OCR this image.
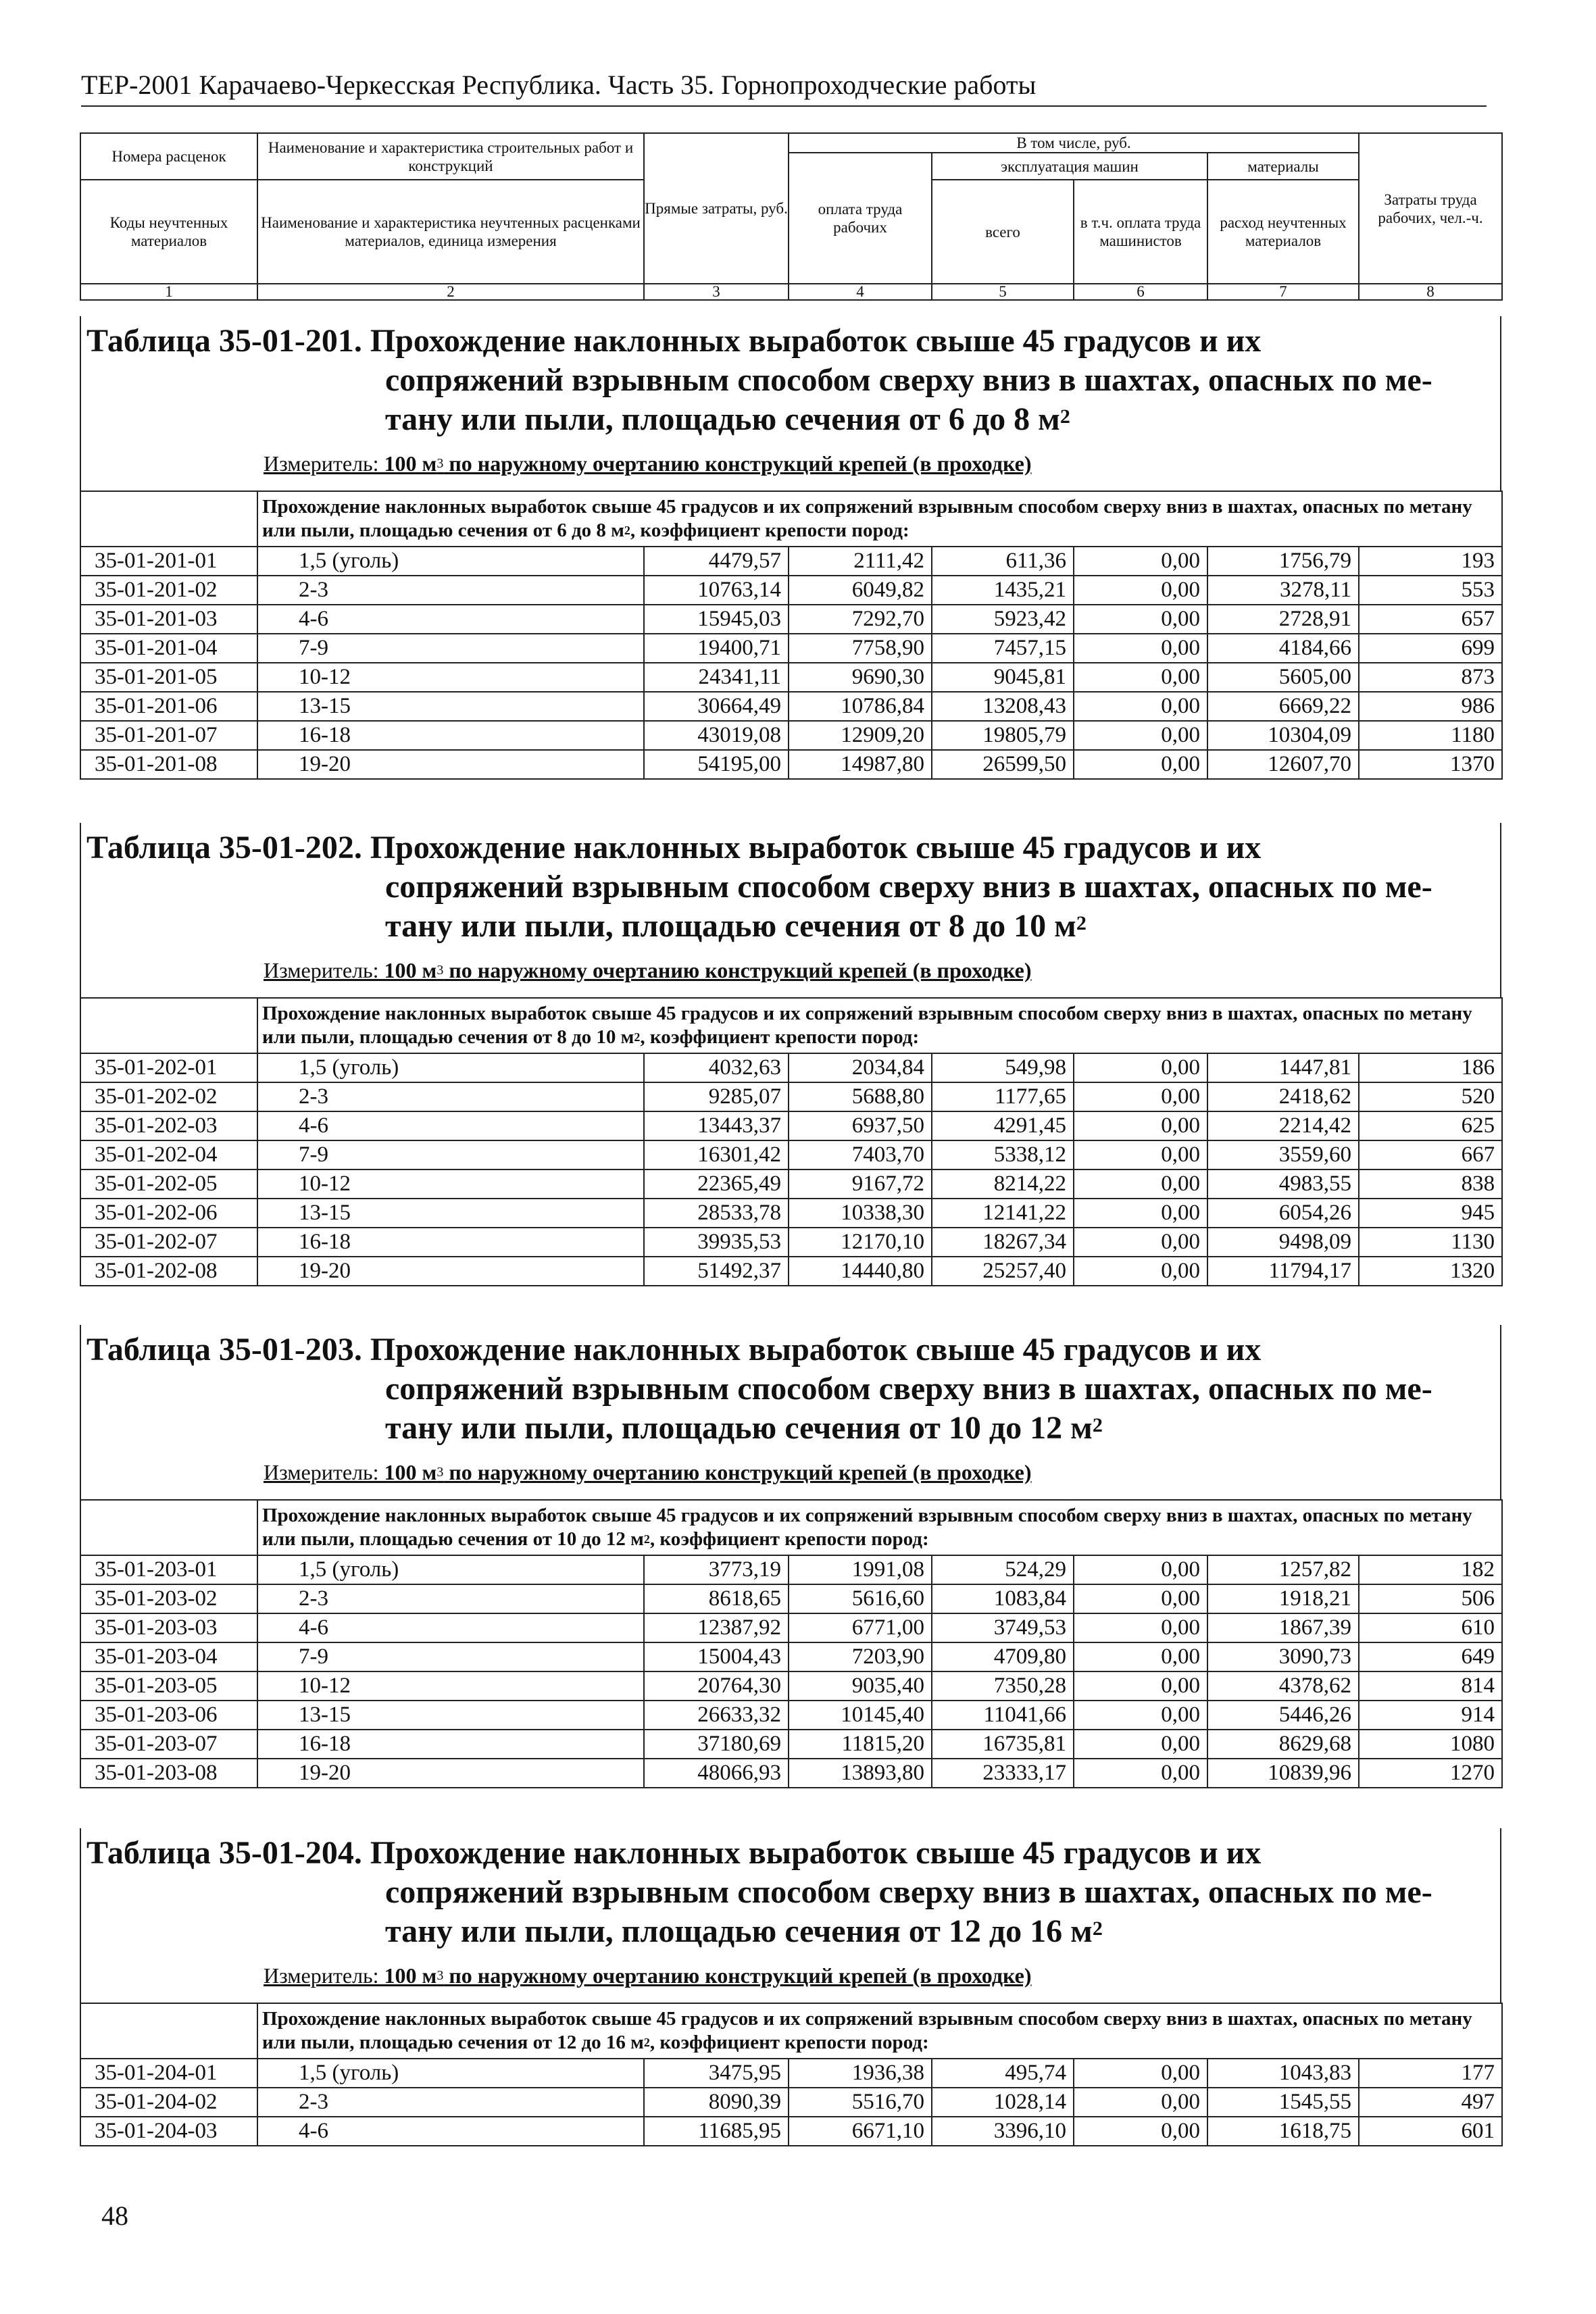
ТЕР-2001 Карачаево-Черкесская Республика. Часть 35. Горнопроходческие работы
Номера расценок	Наименование и характеристика строительных работ и конструкций	Прямые затраты, руб.	В том числе, руб.				Затраты труда рабочих, чел.-ч.
			оплата труда рабочих	эксплуатация машин		материалы	
Коды неучтенных материалов	Наименование и характеристика неучтенных расценками материалов, единица измерения			всего	в т.ч. оплата труда машинистов	расход неучтенных материалов	

1	2	3	4	5	6	7	8
Таблица 35-01-201. Прохождение наклонных выработок свыше 45 градусов и их
сопряжений взрывным способом сверху вниз в шахтах, опасных по ме-
тану или пыли, площадью сечения от 6 до 8 $м^2$
Измеритель: 100 $м^3$ по наружному очертанию конструкций крепей (в проходке)
	Прохождение наклонных выработок свыше 45 градусов и их сопряжений взрывным способом сверху вниз в шахтах, опасных по метану или пыли, площадью сечения от 6 до 8 $м^2$, коэффициент крепости пород:						
35-01-201-01	1,5 (уголь)	4479,57	2111,42	611,36	0,00	1756,79	193
35-01-201-02	2-3	10763,14	6049,82	1435,21	0,00	3278,11	553
35-01-201-03	4-6	15945,03	7292,70	5923,42	0,00	2728,91	657
35-01-201-04	7-9	19400,71	7758,90	7457,15	0,00	4184,66	699
35-01-201-05	10-12	24341,11	9690,30	9045,81	0,00	5605,00	873
35-01-201-06	13-15	30664,49	10786,84	13208,43	0,00	6669,22	986
35-01-201-07	16-18	43019,08	12909,20	19805,79	0,00	10304,09	1180
35-01-201-08	19-20	54195,00	14987,80	26599,50	0,00	12607,70	1370
Таблица 35-01-202. Прохождение наклонных выработок свыше 45 градусов и их
сопряжений взрывным способом сверху вниз в шахтах, опасных по ме-
тану или пыли, площадью сечения от 8 до 10 $м^2$
Измеритель: 100 $м^3$ по наружному очертанию конструкций крепей (в проходке)
	Прохождение наклонных выработок свыше 45 градусов и их сопряжений взрывным способом сверху вниз в шахтах, опасных по метану или пыли, площадью сечения от 8 до 10 $м^2$, коэффициент крепости пород:						
35-01-202-01	1,5 (уголь)	4032,63	2034,84	549,98	0,00	1447,81	186
35-01-202-02	2-3	9285,07	5688,80	1177,65	0,00	2418,62	520
35-01-202-03	4-6	13443,37	6937,50	4291,45	0,00	2214,42	625
35-01-202-04	7-9	16301,42	7403,70	5338,12	0,00	3559,60	667
35-01-202-05	10-12	22365,49	9167,72	8214,22	0,00	4983,55	838
35-01-202-06	13-15	28533,78	10338,30	12141,22	0,00	6054,26	945
35-01-202-07	16-18	39935,53	12170,10	18267,34	0,00	9498,09	1130
35-01-202-08	19-20	51492,37	14440,80	25257,40	0,00	11794,17	1320
Таблица 35-01-203. Прохождение наклонных выработок свыше 45 градусов и их
сопряжений взрывным способом сверху вниз в шахтах, опасных по ме-
тану или пыли, площадью сечения от 10 до 12 $м^2$
Измеритель: 100 $м^3$ по наружному очертанию конструкций крепей (в проходке)
	Прохождение наклонных выработок свыше 45 градусов и их сопряжений взрывным способом сверху вниз в шахтах, опасных по метану или пыли, площадью сечения от 10 до 12 $м^2$, коэффициент крепости пород:						
35-01-203-01	1,5 (уголь)	3773,19	1991,08	524,29	0,00	1257,82	182
35-01-203-02	2-3	8618,65	5616,60	1083,84	0,00	1918,21	506
35-01-203-03	4-6	12387,92	6771,00	3749,53	0,00	1867,39	610
35-01-203-04	7-9	15004,43	7203,90	4709,80	0,00	3090,73	649
35-01-203-05	10-12	20764,30	9035,40	7350,28	0,00	4378,62	814
35-01-203-06	13-15	26633,32	10145,40	11041,66	0,00	5446,26	914
35-01-203-07	16-18	37180,69	11815,20	16735,81	0,00	8629,68	1080
35-01-203-08	19-20	48066,93	13893,80	23333,17	0,00	10839,96	1270
Таблица 35-01-204. Прохождение наклонных выработок свыше 45 градусов и их
сопряжений взрывным способом сверху вниз в шахтах, опасных по ме-
тану или пыли, площадью сечения от 12 до 16 $м^2$
Измеритель: 100 $м^3$ по наружному очертанию конструкций крепей (в проходке)
	Прохождение наклонных выработок свыше 45 градусов и их сопряжений взрывным способом сверху вниз в шахтах, опасных по метану или пыли, площадью сечения от 12 до 16 $м^2$, коэффициент крепости пород:						
35-01-204-01	1,5 (уголь)	3475,95	1936,38	495,74	0,00	1043,83	177
35-01-204-02	2-3	8090,39	5516,70	1028,14	0,00	1545,55	497
35-01-204-03	4-6	11685,95	6671,10	3396,10	0,00	1618,75	601
48
